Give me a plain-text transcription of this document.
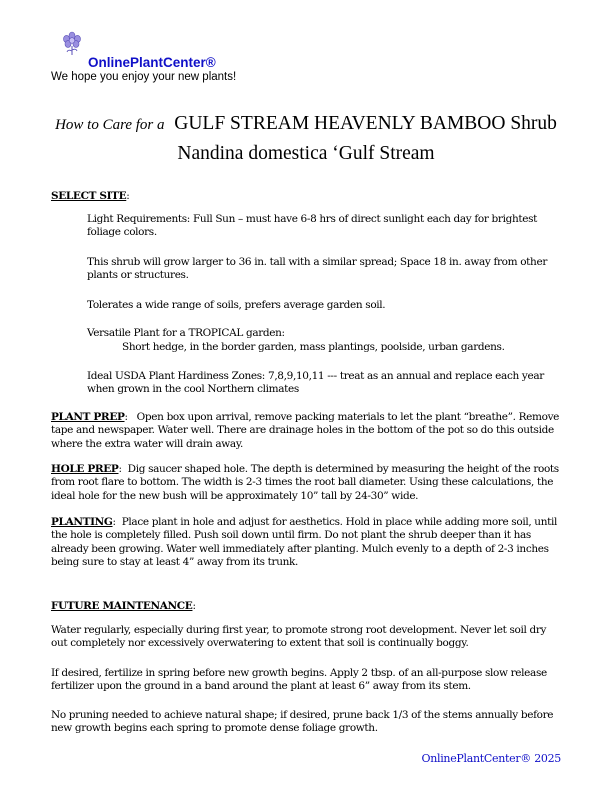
OnlinePlantCenter®
We hope you enjoy your new plants!
How to Care for a GULF STREAM HEAVENLY BAMBOO Shrub
Nandina domestica ‘Gulf Stream
SELECT SITE:
Light Requirements: Full Sun – must have 6-8 hrs of direct sunlight each day for brightest foliage colors.
This shrub will grow larger to 36 in. tall with a similar spread; Space 18 in. away from other plants or structures.
Tolerates a wide range of soils, prefers average garden soil.
Versatile Plant for a TROPICAL garden:
Short hedge, in the border garden, mass plantings, poolside, urban gardens.
Ideal USDA Plant Hardiness Zones: 7,8,9,10,11 --- treat as an annual and replace each year when grown in the cool Northern climates
PLANT PREP:   Open box upon arrival, remove packing materials to let the plant “breathe”. Remove tape and newspaper. Water well. There are drainage holes in the bottom of the pot so do this outside where the extra water will drain away.
HOLE PREP:  Dig saucer shaped hole. The depth is determined by measuring the height of the roots from root flare to bottom. The width is 2-3 times the root ball diameter. Using these calculations, the ideal hole for the new bush will be approximately 10” tall by 24-30” wide.
PLANTING:  Place plant in hole and adjust for aesthetics. Hold in place while adding more soil, until the hole is completely filled. Push soil down until firm. Do not plant the shrub deeper than it has already been growing. Water well immediately after planting. Mulch evenly to a depth of 2-3 inches being sure to stay at least 4” away from its trunk.
FUTURE MAINTENANCE:
Water regularly, especially during first year, to promote strong root development. Never let soil dry out completely nor excessively overwatering to extent that soil is continually boggy.
If desired, fertilize in spring before new growth begins. Apply 2 tbsp. of an all-purpose slow release fertilizer upon the ground in a band around the plant at least 6” away from its stem.
No pruning needed to achieve natural shape; if desired, prune back 1/3 of the stems annually before new growth begins each spring to promote dense foliage growth.
OnlinePlantCenter® 2025
